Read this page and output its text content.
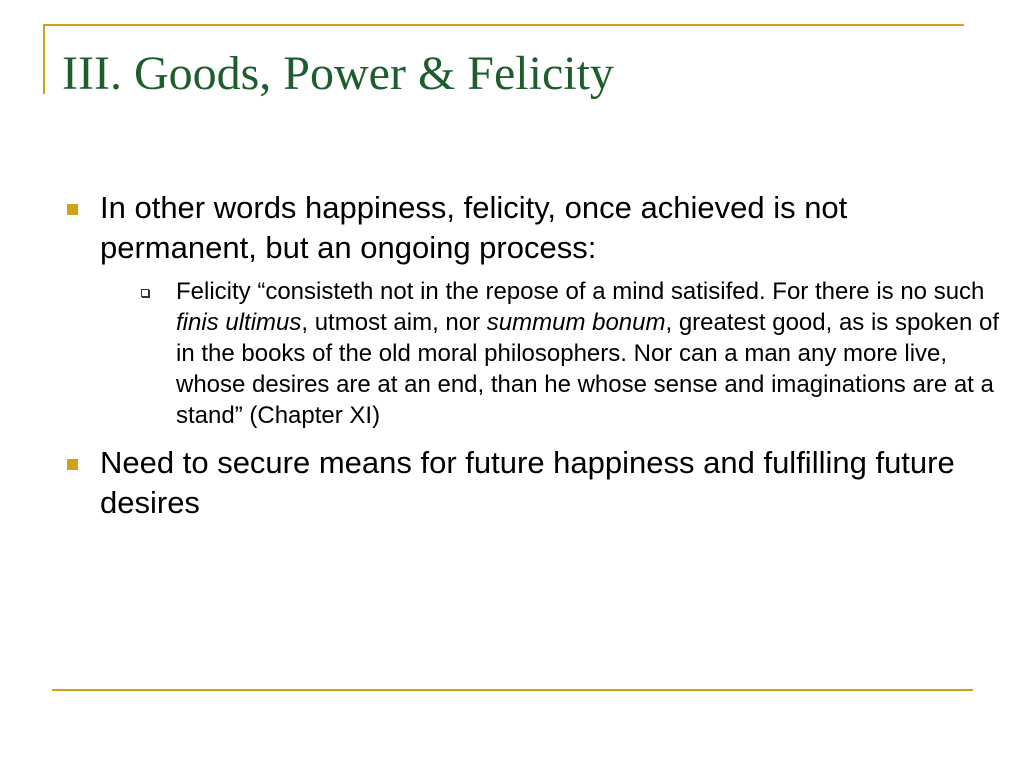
III. Goods, Power & Felicity
In other words happiness, felicity, once achieved is not permanent, but an ongoing process:
Felicity “consisteth not in the repose of a mind satisifed. For there is no such finis ultimus, utmost aim, nor summum bonum, greatest good, as is spoken of in the books of the old moral philosophers. Nor can a man any more live, whose desires are at an end, than he whose sense and imaginations are at a stand” (Chapter XI)
Need to secure means for future happiness and fulfilling future desires
